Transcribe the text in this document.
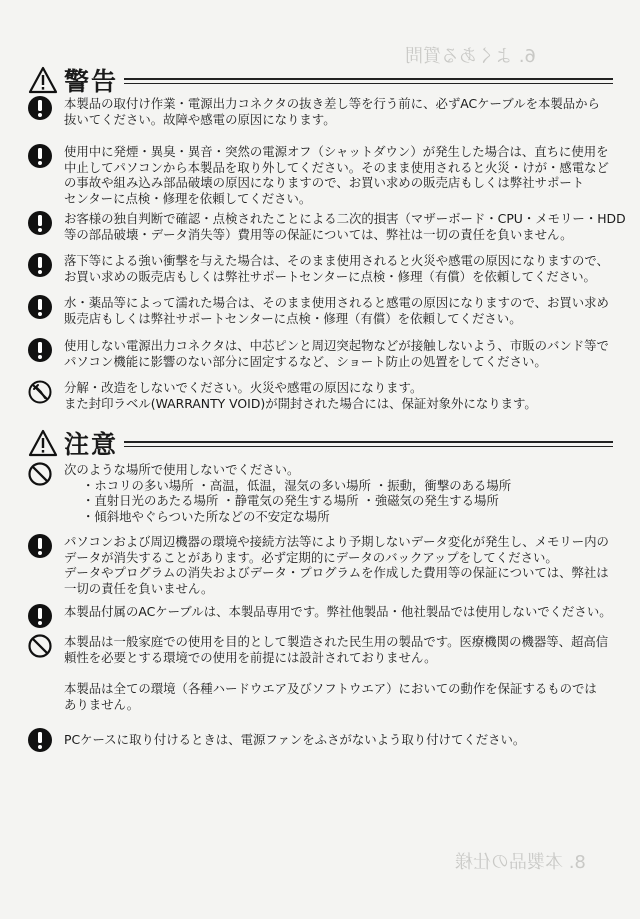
6. よくある質問
8. 本製品の仕様
警告
本製品の取付け作業・電源出力コネクタの抜き差し等を行う前に、必ずACケーブルを本製品から
抜いてください。故障や感電の原因になります。
使用中に発煙・異臭・異音・突然の電源オフ（シャットダウン）が発生した場合は、直ちに使用を
中止してパソコンから本製品を取り外してください。そのまま使用されると火災・けが・感電など
の事故や組み込み部品破壊の原因になりますので、お買い求めの販売店もしくは弊社サポート
センターに点検・修理を依頼してください。
お客様の独自判断で確認・点検されたことによる二次的損害（マザーボード・CPU・メモリー・HDD
等の部品破壊・データ消失等）費用等の保証については、弊社は一切の責任を負いません。
落下等による強い衝撃を与えた場合は、そのまま使用されると火災や感電の原因になりますので、
お買い求めの販売店もしくは弊社サポートセンターに点検・修理（有償）を依頼してください。
水・薬品等によって濡れた場合は、そのまま使用されると感電の原因になりますので、お買い求め
販売店もしくは弊社サポートセンターに点検・修理（有償）を依頼してください。
使用しない電源出力コネクタは、中芯ピンと周辺突起物などが接触しないよう、市販のバンド等で
パソコン機能に影響のない部分に固定するなど、ショート防止の処置をしてください。
分解・改造をしないでください。火災や感電の原因になります。
また封印ラベル(WARRANTY VOID)が開封された場合には、保証対象外になります。
注意
次のような場所で使用しないでください。
・ホコリの多い場所 ・高温，低温，湿気の多い場所 ・振動，衝撃のある場所
・直射日光のあたる場所 ・静電気の発生する場所 ・強磁気の発生する場所
・傾斜地やぐらついた所などの不安定な場所
パソコンおよび周辺機器の環境や接続方法等により予期しないデータ変化が発生し、メモリー内の
データが消失することがあります。必ず定期的にデータのバックアップをしてください。
データやプログラムの消失およびデータ・プログラムを作成した費用等の保証については、弊社は
一切の責任を負いません。
本製品付属のACケーブルは、本製品専用です。弊社他製品・他社製品では使用しないでください。
本製品は一般家庭での使用を目的として製造された民生用の製品です。医療機関の機器等、超高信
頼性を必要とする環境での使用を前提には設計されておりません。
本製品は全ての環境（各種ハードウエア及びソフトウエア）においての動作を保証するものでは
ありません。
PCケースに取り付けるときは、電源ファンをふさがないよう取り付けてください。
